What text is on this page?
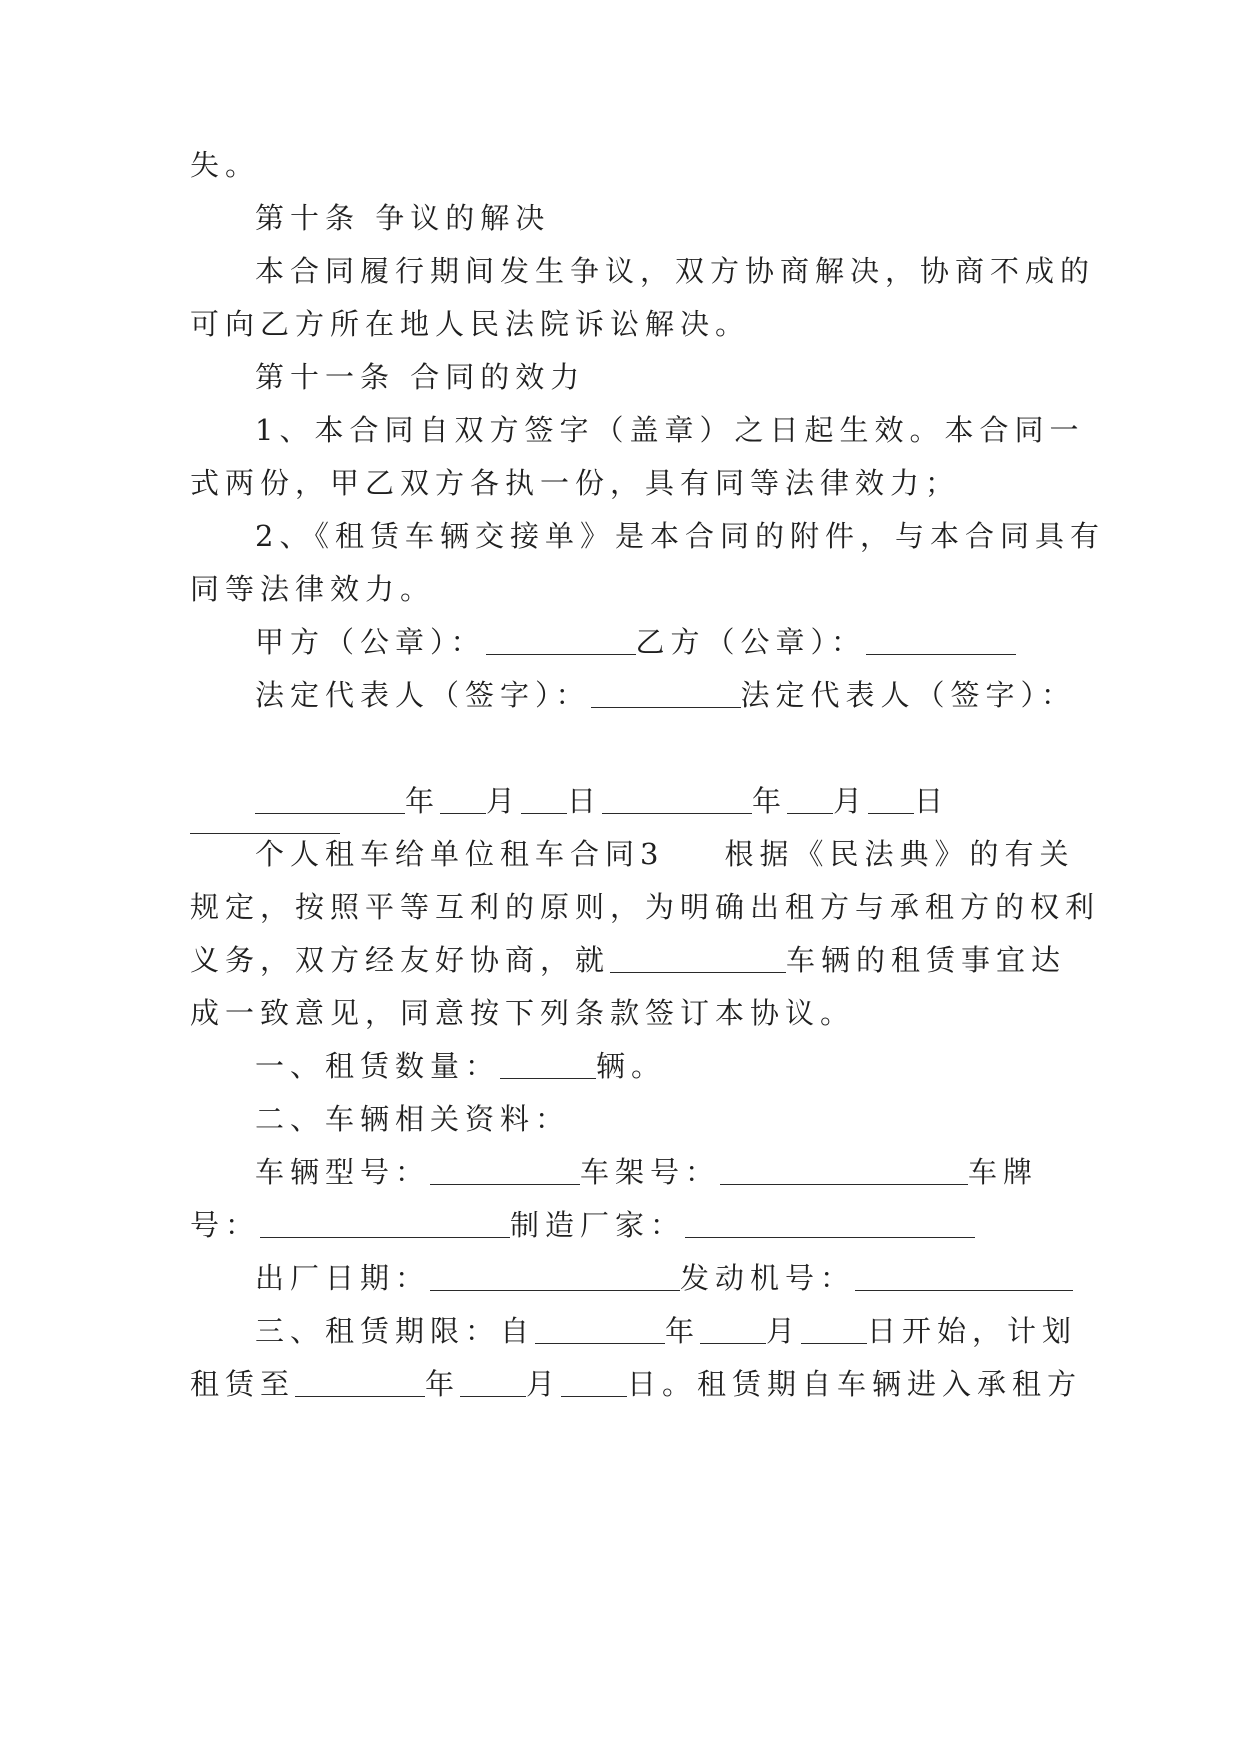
失。
第十条 争议的解决
本合同履行期间发生争议，双方协商解决，协商不成的
可向乙方所在地人民法院诉讼解决。
第十一条 合同的效力
1、本合同自双方签字（盖章）之日起生效。本合同一
式两份，甲乙双方各执一份，具有同等法律效力；
2、《租赁车辆交接单》是本合同的附件，与本合同具有
同等法律效力。
甲方（公章）：	乙方（公章）：
法定代表人（签字）：	法定代表人（签字）：
年 月 日	年 月 日
个人租车给单位租车合同3 根据《民法典》的有关
规定，按照平等互利的原则，为明确出租方与承租方的权利
义务，双方经友好协商，就	车辆的租赁事宜达
成一致意见，同意按下列条款签订本协议。
一、租赁数量：	辆。
二、车辆相关资料：
车辆型号：	车架号：	车牌
号：	制造厂家：
出厂日期：	发动机号：
三、租赁期限：自	年 月 日开始，计划
租赁至	年 月 日。租赁期自车辆进入承租方
